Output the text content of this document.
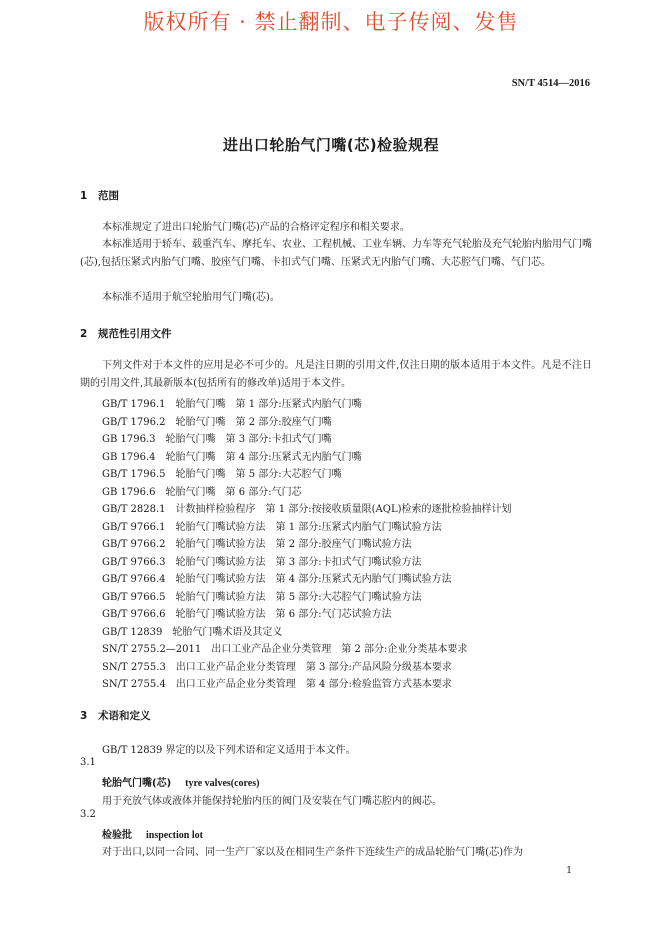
版权所有 · 禁止翻制、电子传阅、发售
SN/T 4514—2016
进出口轮胎气门嘴(芯)检验规程
1 范围

本标准规定了进出口轮胎气门嘴(芯)产品的合格评定程序和相关要求。

本标准适用于轿车、载重汽车、摩托车、农业、工程机械、工业车辆、力车等充气轮胎及充气轮胎内胎用气门嘴(芯),包括压紧式内胎气门嘴、胶座气门嘴、卡扣式气门嘴、压紧式无内胎气门嘴、大芯腔气门嘴、气门芯。

本标准不适用于航空轮胎用气门嘴(芯)。

2 规范性引用文件

下列文件对于本文件的应用是必不可少的。凡是注日期的引用文件,仅注日期的版本适用于本文件。凡是不注日期的引用文件,其最新版本(包括所有的修改单)适用于本文件。

GB/T 1796.1 轮胎气门嘴 第 1 部分:压紧式内胎气门嘴
GB/T 1796.2 轮胎气门嘴 第 2 部分:胶座气门嘴
GB 1796.3 轮胎气门嘴 第 3 部分:卡扣式气门嘴
GB 1796.4 轮胎气门嘴 第 4 部分:压紧式无内胎气门嘴
GB/T 1796.5 轮胎气门嘴 第 5 部分:大芯腔气门嘴
GB 1796.6 轮胎气门嘴 第 6 部分:气门芯
GB/T 2828.1 计数抽样检验程序 第 1 部分:按接收质量限(AQL)检索的逐批检验抽样计划
GB/T 9766.1 轮胎气门嘴试验方法 第 1 部分:压紧式内胎气门嘴试验方法
GB/T 9766.2 轮胎气门嘴试验方法 第 2 部分:胶座气门嘴试验方法
GB/T 9766.3 轮胎气门嘴试验方法 第 3 部分:卡扣式气门嘴试验方法
GB/T 9766.4 轮胎气门嘴试验方法 第 4 部分:压紧式无内胎气门嘴试验方法
GB/T 9766.5 轮胎气门嘴试验方法 第 5 部分:大芯腔气门嘴试验方法
GB/T 9766.6 轮胎气门嘴试验方法 第 6 部分:气门芯试验方法
GB/T 12839 轮胎气门嘴术语及其定义
SN/T 2755.2—2011 出口工业产品企业分类管理 第 2 部分:企业分类基本要求
SN/T 2755.3 出口工业产品企业分类管理 第 3 部分:产品风险分级基本要求
SN/T 2755.4 出口工业产品企业分类管理 第 4 部分:检验监管方式基本要求
3 术语和定义
GB/T 12839 界定的以及下列术语和定义适用于本文件。
3.1
轮胎气门嘴(芯) tyre valves(cores)
用于充放气体或液体并能保持轮胎内压的阀门及安装在气门嘴芯腔内的阀芯。
3.2
检验批 inspection lot
对于出口,以同一合同、同一生产厂家以及在相同生产条件下连续生产的成品轮胎气门嘴(芯)作为
1
